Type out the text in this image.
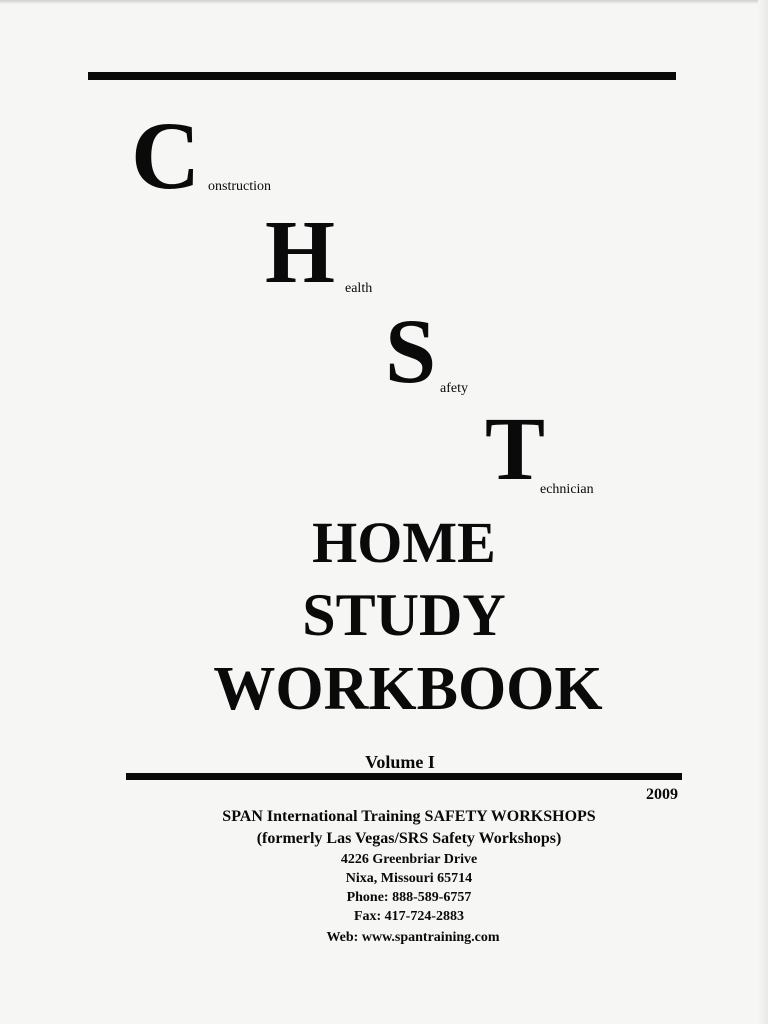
C onstruction
H ealth
S afety
T
echnician
HOME
STUDY
WORKBOOK
Volume I
2009
SPAN International Training SAFETY WORKSHOPS
(formerly Las Vegas/SRS Safety Workshops)
4226 Greenbriar Drive
Nixa, Missouri 65714
Phone: 888-589-6757
Fax: 417-724-2883
Web: www.spantraining.com
